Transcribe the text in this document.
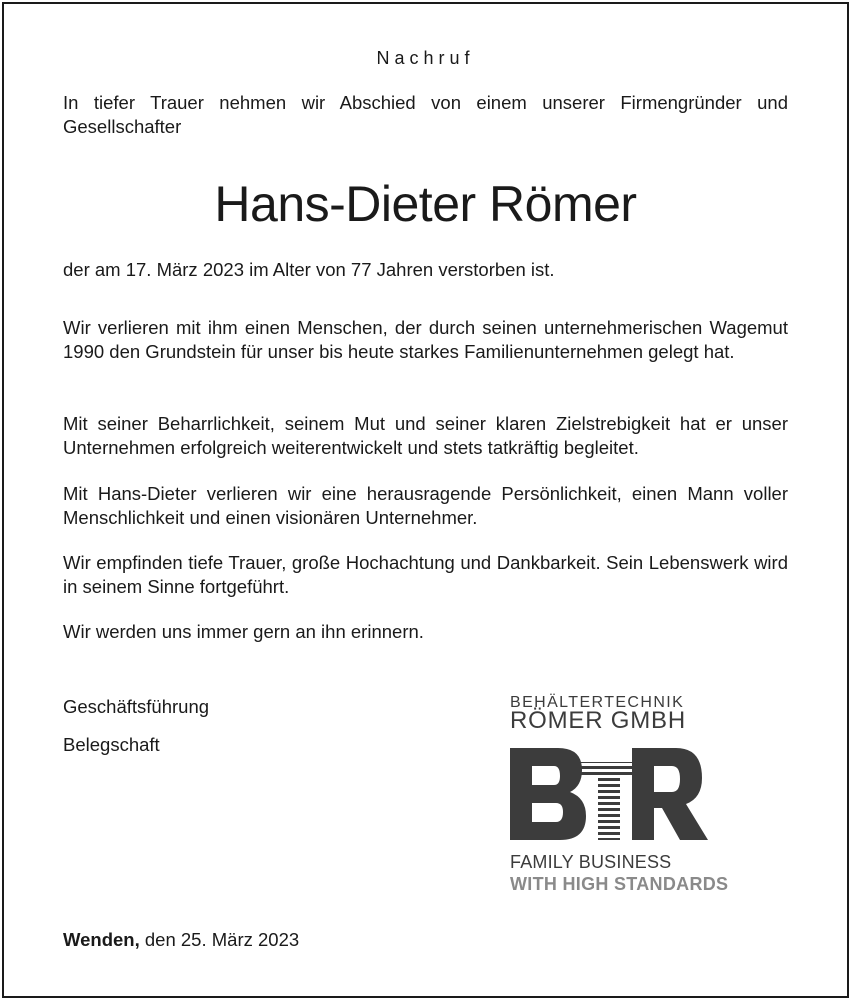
Nachruf
In tiefer Trauer nehmen wir Abschied von einem unserer Firmengründer und Gesellschafter
Hans-Dieter Römer
der am 17. März 2023 im Alter von 77 Jahren verstorben ist.
Wir verlieren mit ihm einen Menschen, der durch seinen unternehmerischen Wagemut 1990 den Grundstein für unser bis heute starkes Familienunternehmen gelegt hat.
Mit seiner Beharrlichkeit, seinem Mut und seiner klaren Zielstrebigkeit hat er unser Unternehmen erfolgreich weiterentwickelt und stets tatkräftig begleitet.
Mit Hans-Dieter verlieren wir eine herausragende Persönlichkeit, einen Mann voller Menschlichkeit und einen visionären Unternehmer.
Wir empfinden tiefe Trauer, große Hochachtung und Dankbarkeit. Sein Lebenswerk wird in seinem Sinne fortgeführt.
Wir werden uns immer gern an ihn erinnern.
Geschäftsführung
Belegschaft
BEHÄLTERTECHNIK
RÖMER GMBH
FAMILY BUSINESS
WITH HIGH STANDARDS
Wenden, den 25. März 2023
